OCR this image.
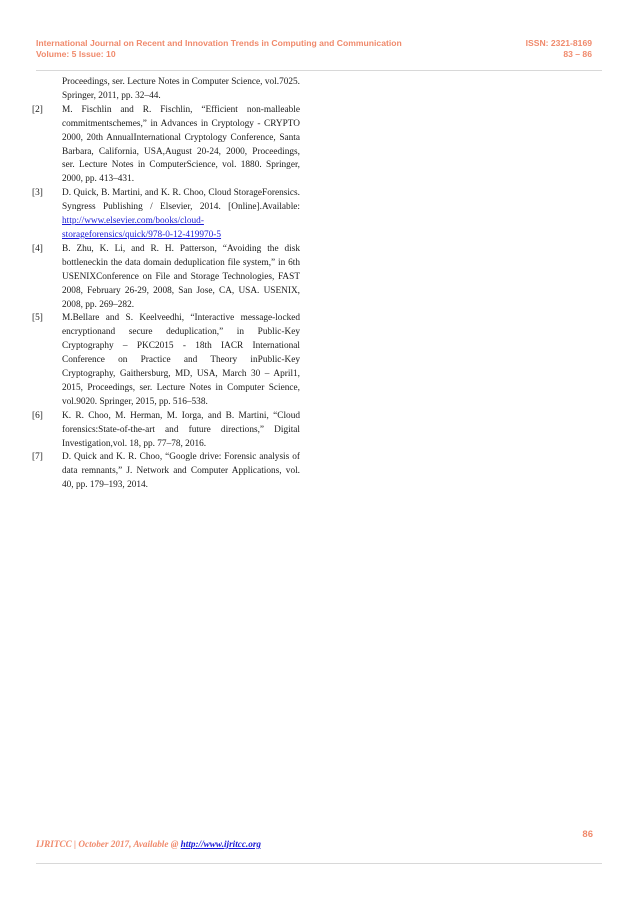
International Journal on Recent and Innovation Trends in Computing and Communication
Volume: 5 Issue: 10
ISSN: 2321-8169
83 – 86
Proceedings, ser. Lecture Notes in Computer Science, vol.7025. Springer, 2011, pp. 32–44.
[2]	M. Fischlin and R. Fischlin, “Efficient non-malleable commitmentschemes,” in Advances in Cryptology - CRYPTO 2000, 20th AnnualInternational Cryptology Conference, Santa Barbara, California, USA,August 20-24, 2000, Proceedings, ser. Lecture Notes in ComputerScience, vol. 1880. Springer, 2000, pp. 413–431.
[3]	D. Quick, B. Martini, and K. R. Choo, Cloud StorageForensics. Syngress Publishing / Elsevier, 2014. [Online].Available: http://www.elsevier.com/books/cloud-storageforensics/quick/978-0-12-419970-5
[4]	B. Zhu, K. Li, and R. H. Patterson, “Avoiding the disk bottleneckin the data domain deduplication file system,” in 6th USENIXConference on File and Storage Technologies, FAST 2008, February 26-29, 2008, San Jose, CA, USA. USENIX, 2008, pp. 269–282.
[5]	M.Bellare and S. Keelveedhi, “Interactive message-locked encryptionand secure deduplication,” in Public-Key Cryptography – PKC2015 - 18th IACR International Conference on Practice and Theory inPublic-Key Cryptography, Gaithersburg, MD, USA, March 30 – April1, 2015, Proceedings, ser. Lecture Notes in Computer Science, vol.9020. Springer, 2015, pp. 516–538.
[6]	K. R. Choo, M. Herman, M. Iorga, and B. Martini, “Cloud forensics:State-of-the-art and future directions,” Digital Investigation,vol. 18, pp. 77–78, 2016.
[7]	D. Quick and K. R. Choo, “Google drive: Forensic analysis of data remnants,” J. Network and Computer Applications, vol. 40, pp. 179–193, 2014.
86
IJRITCC | October 2017, Available @ http://www.ijritcc.org
